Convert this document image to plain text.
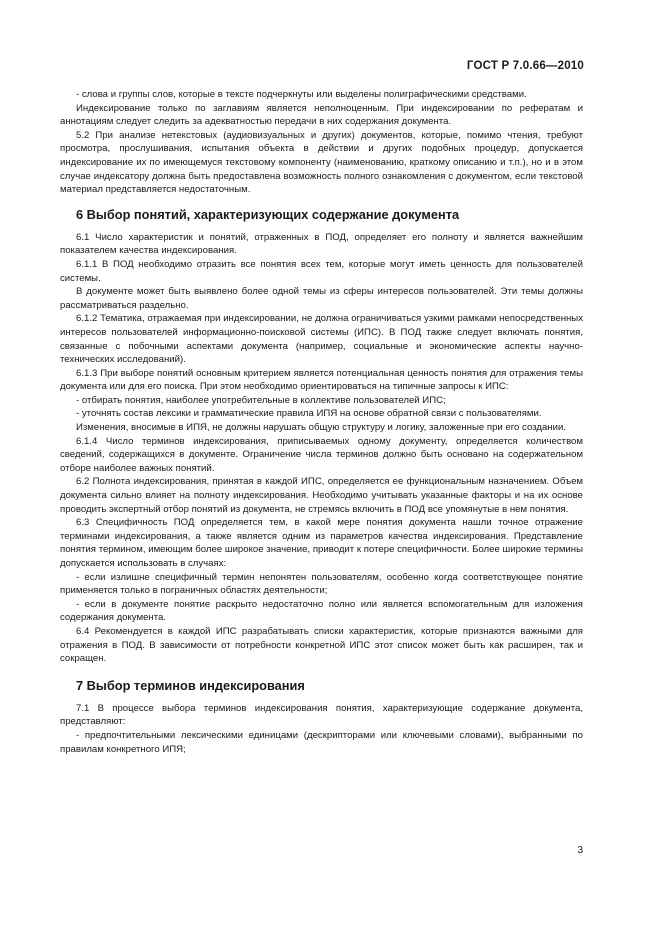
ГОСТ Р 7.0.66—2010

- слова и группы слов, которые в тексте подчеркнуты или выделены полиграфическими средствами.

Индексирование только по заглавиям является неполноценным. При индексировании по рефератам и аннотациям следует следить за адекватностью передачи в них содержания документа.

5.2 При анализе нетекстовых (аудиовизуальных и других) документов, которые, помимо чтения, требуют просмотра, прослушивания, испытания объекта в действии и других подобных процедур, допускается индексирование их по имеющемуся текстовому компоненту (наименованию, краткому описанию и т.п.), но и в этом случае индексатору должна быть предоставлена возможность полного ознакомления с документом, если текстовой материал представляется недостаточным.

6 Выбор понятий, характеризующих содержание документа

6.1 Число характеристик и понятий, отраженных в ПОД, определяет его полноту и является важнейшим показателем качества индексирования.

6.1.1 В ПОД необходимо отразить все понятия всех тем, которые могут иметь ценность для пользователей системы.

В документе может быть выявлено более одной темы из сферы интересов пользователей. Эти темы должны рассматриваться раздельно.

6.1.2 Тематика, отражаемая при индексировании, не должна ограничиваться узкими рамками непосредственных интересов пользователей информационно-поисковой системы (ИПС). В ПОД также следует включать понятия, связанные с побочными аспектами документа (например, социальные и экономические аспекты научно-технических исследований).

6.1.3 При выборе понятий основным критерием является потенциальная ценность понятия для отражения темы документа или для его поиска. При этом необходимо ориентироваться на типичные запросы к ИПС:

- отбирать понятия, наиболее употребительные в коллективе пользователей ИПС;

- уточнять состав лексики и грамматические правила ИПЯ на основе обратной связи с пользователями.

Изменения, вносимые в ИПЯ, не должны нарушать общую структуру и логику, заложенные при его создании.

6.1.4 Число терминов индексирования, приписываемых одному документу, определяется количеством сведений, содержащихся в документе. Ограничение числа терминов должно быть основано на содержательном отборе наиболее важных понятий.

6.2 Полнота индексирования, принятая в каждой ИПС, определяется ее функциональным назначением. Объем документа сильно влияет на полноту индексирования. Необходимо учитывать указанные факторы и на их основе проводить экспертный отбор понятий из документа, не стремясь включить в ПОД все упомянутые в нем понятия.

6.3 Специфичность ПОД определяется тем, в какой мере понятия документа нашли точное отражение терминами индексирования, а также является одним из параметров качества индексирования. Представление понятия термином, имеющим более широкое значение, приводит к потере специфичности. Более широкие термины допускается использовать в случаях:

- если излишне специфичный термин непонятен пользователям, особенно когда соответствующее понятие применяется только в пограничных областях деятельности;

- если в документе понятие раскрыто недостаточно полно или является вспомогательным для изложения содержания документа.

6.4 Рекомендуется в каждой ИПС разрабатывать списки характеристик, которые признаются важными для отражения в ПОД. В зависимости от потребности конкретной ИПС этот список может быть как расширен, так и сокращен.

7 Выбор терминов индексирования

7.1 В процессе выбора терминов индексирования понятия, характеризующие содержание документа, представляют:

- предпочтительными лексическими единицами (дескрипторами или ключевыми словами), выбранными по правилам конкретного ИПЯ;

3
